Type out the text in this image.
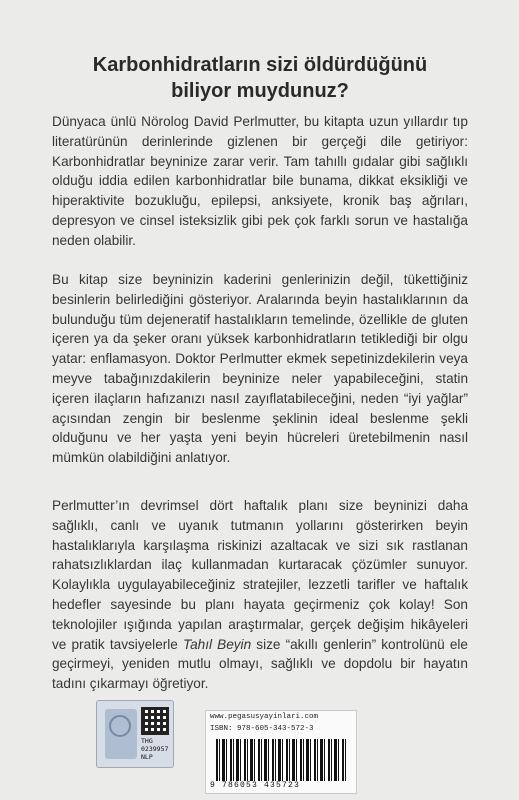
Karbonhidratların sizi öldürdüğünü
biliyor muydunuz?

Dünyaca ünlü Nörolog David Perlmutter, bu kitapta uzun yıllardır tıp literatürünün derinlerinde gizlenen bir gerçeği dile getiriyor: Karbonhidratlar beyninize zarar verir. Tam tahıllı gıdalar gibi sağlıklı olduğu iddia edilen karbonhidratlar bile bunama, dikkat eksikliği ve hiperaktivite bozukluğu, epilepsi, anksiyete, kronik baş ağrıları, depresyon ve cinsel isteksizlik gibi pek çok farklı sorun ve hastalığa neden olabilir.

Bu kitap size beyninizin kaderini genlerinizin değil, tükettiğiniz besinlerin belirlediğini gösteriyor. Aralarında beyin hastalıklarının da bulunduğu tüm dejeneratif hastalıkların temelinde, özellikle de gluten içeren ya da şeker oranı yüksek karbonhidratların tetiklediği bir olgu yatar: enflamasyon. Doktor Perlmutter ekmek sepetinizdekilerin veya meyve tabağınızdakilerin beyninize neler yapabileceğini, statin içeren ilaçların hafızanızı nasıl zayıflatabileceğini, neden “iyi yağlar” açısından zengin bir beslenme şeklinin ideal beslenme şekli olduğunu ve her yaşta yeni beyin hücreleri üretebilmenin nasıl mümkün olabildiğini anlatıyor.

Perlmutter’ın devrimsel dört haftalık planı size beyninizi daha sağlıklı, canlı ve uyanık tutmanın yollarını gösterirken beyin hastalıklarıyla karşılaşma riskinizi azaltacak ve sizi sık rastlanan rahatsızlıklardan ilaç kullanmadan kurtaracak çözümler sunuyor. Kolaylıkla uygulayabileceğiniz stratejiler, lezzetli tarifler ve haftalık hedefler sayesinde bu planı hayata geçirmeniz çok kolay! Son teknolojiler ışığında yapılan araştırmalar, gerçek değişim hikâyeleri ve pratik tavsiyelerle Tahıl Beyin size “akıllı genlerin” kontrolünü ele geçirmeyi, yeniden mutlu olmayı, sağlıklı ve dopdolu bir hayatın tadını çıkarmayı öğretiyor.

THG
0239957
NLP
www.pegasusyayinlari.com
ISBN: 978-605-343-572-3
9 786053 435723
